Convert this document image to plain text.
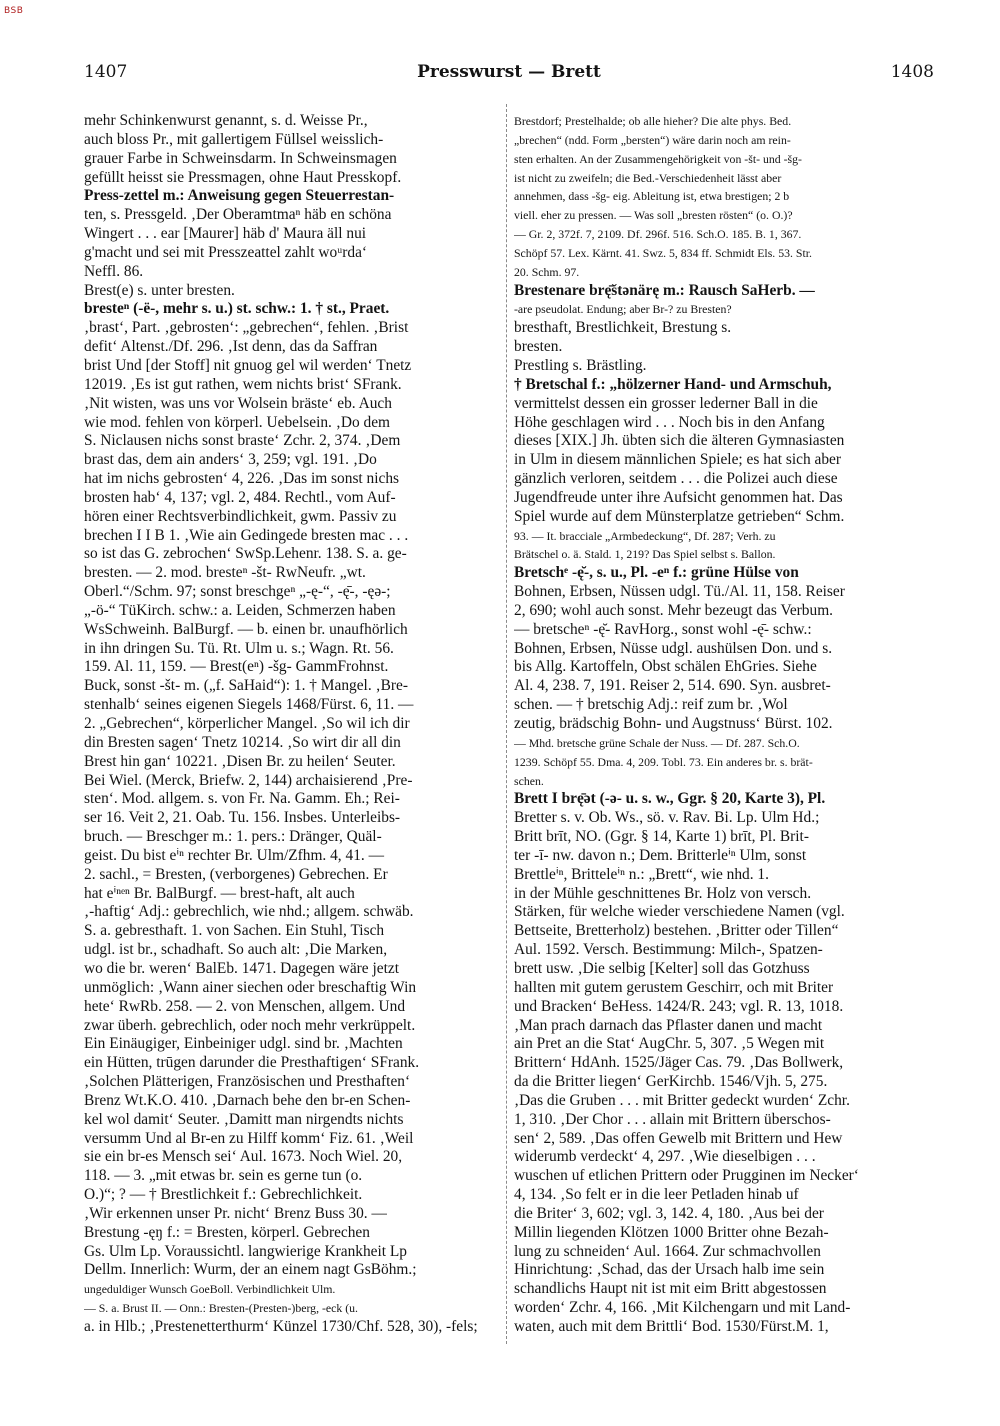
BSB
1407	Presswurst — Brett	1408
mehr Schinkenwurst genannt, s. d. Weisse Pr.,
auch bloss Pr., mit gallertigem Füllsel weisslich-
grauer Farbe in Schweinsdarm. In Schweinsmagen
gefüllt heisst sie Pressmagen, ohne Haut Presskopf.
Press-zettel m.: Anweisung gegen Steuerrestan-
ten, s. Pressgeld. ‚Der Oberamtmaⁿ häb en schöna
Wingert . . . ear [Maurer] häb d' Maura äll nui
g'macht und sei mit Presszeattel zahlt woᵘrda‘
Neffl. 86.
Brest(e) s. unter bresten.
bresteⁿ (-ë-, mehr s. u.) st. schw.: 1. † st., Praet.
‚brast‘, Part. ‚gebrosten‘: „gebrechen“, fehlen. ‚Brist
defit‘ Altenst./Df. 296. ‚Ist denn, das da Saffran
brist Und [der Stoff] nit gnuog gel wil werden‘ Tnetz
12019. ‚Es ist gut rathen, wem nichts brist‘ SFrank.
‚Nit wisten, was uns vor Wolsein bräste‘ eb. Auch
wie mod. fehlen von körperl. Uebelsein. ‚Do dem
S. Niclausen nichs sonst braste‘ Zchr. 2, 374. ‚Dem
brast das, dem ain anders‘ 3, 259; vgl. 191. ‚Do
hat im nichs gebrosten‘ 4, 226. ‚Das im sonst nichs
brosten hab‘ 4, 137; vgl. 2, 484. Rechtl., vom Auf-
hören einer Rechtsverbindlichkeit, gwm. Passiv zu
brechen I I B 1. ‚Wie ain Gedingede bresten mac . . .
so ist das G. zebrochen‘ SwSp.Lehenr. 138. S. a. ge-
bresten. — 2. mod. bresteⁿ -št- RwNeufr. „wt.
Oberl.“/Schm. 97; sonst breschgeⁿ „-ę-“, -ę̄-, -ęə-;
„-ö-“ TüKirch. schw.: a. Leiden, Schmerzen haben
WsSchweinh. BalBurgf. — b. einen br. unaufhörlich
in ihn dringen Su. Tü. Rt. Ulm u. s.; Wagn. Rt. 56.
159. Al. 11, 159. — Brest(eⁿ) -šg- GammFrohnst.
Buck, sonst -št- m. („f. SaHaid“): 1. † Mangel. ‚Bre-
stenhalb‘ seines eigenen Siegels 1468/Fürst. 6, 11. —
2. „Gebrechen“, körperlicher Mangel. ‚So wil ich dir
din Bresten sagen‘ Tnetz 10214. ‚So wirt dir all din
Brest hin gan‘ 10221. ‚Disen Br. zu heilen‘ Seuter.
Bei Wiel. (Merck, Briefw. 2, 144) archaisierend ‚Pre-
sten‘. Mod. allgem. s. von Fr. Na. Gamm. Eh.; Rei-
ser 16. Veit 2, 21. Oab. Tu. 156. Insbes. Unterleibs-
bruch. — Breschger m.: 1. pers.: Dränger, Quäl-
geist. Du bist eⁱⁿ rechter Br. Ulm/Zfhm. 4, 41. —
2. sachl., = Bresten, (verborgenes) Gebrechen. Er
hat eⁱⁿᵉⁿ Br. BalBurgf. — brest-haft, alt auch
‚-haftig‘ Adj.: gebrechlich, wie nhd.; allgem. schwäb.
S. a. gebresthaft. 1. von Sachen. Ein Stuhl, Tisch
udgl. ist br., schadhaft. So auch alt: ‚Die Marken,
wo die br. weren‘ BalEb. 1471. Dagegen wäre jetzt
unmöglich: ‚Wann ainer siechen oder breschaftig Win
hete‘ RwRb. 258. — 2. von Menschen, allgem. Und
zwar überh. gebrechlich, oder noch mehr verkrüppelt.
Ein Einäugiger, Einbeiniger udgl. sind br. ‚Machten
ein Hütten, trūgen darunder die Presthaftigen‘ SFrank.
‚Solchen Plätterigen, Französischen und Presthaften‘
Brenz Wt.K.O. 410. ‚Darnach behe den br-en Schen-
kel wol damit‘ Seuter. ‚Damitt man nirgendts nichts
versumm Und al Br-en zu Hilff komm‘ Fiz. 61. ‚Weil
sie ein br-es Mensch sei‘ Aul. 1673. Noch Wiel. 20,
118. — 3. „mit etwas br. sein es gerne tun (o.
O.)“; ? — † Brestlichkeit f.: Gebrechlichkeit.
‚Wir erkennen unser Pr. nicht‘ Brenz Buss 30. —
Brestung -ęŋ f.: = Bresten, körperl. Gebrechen
Gs. Ulm Lp. Voraussichtl. langwierige Krankheit Lp
Dellm. Innerlich: Wurm, der an einem nagt GsBöhm.;
ungeduldiger Wunsch GoeBoll. Verbindlichkeit Ulm.
— S. a. Brust II. — Onn.: Bresten-(Presten-)berg, -eck (u.
a. in Hlb.; ‚Prestenetterthurm‘ Künzel 1730/Chf. 528, 30), -fels;
Brestdorf; Prestelhalde; ob alle hieher? Die alte phys. Bed.
„brechen“ (ndd. Form „bersten“) wäre darin noch am rein-
sten erhalten. An der Zusammengehörigkeit von -št- und -šg-
ist nicht zu zweifeln; die Bed.-Verschiedenheit lässt aber
annehmen, dass -šg- eig. Ableitung ist, etwa brestigen; 2 b
viell. eher zu pressen. — Was soll „bresten rösten“ (o. O.)?
— Gr. 2, 372f. 7, 2109. Df. 296f. 516. Sch.O. 185. B. 1, 367.
Schöpf 57. Lex. Kärnt. 41. Swz. 5, 834 ff. Schmidt Els. 53. Str.
20. Schm. 97.
Brestenare brę̄štənärę m.: Rausch SaHerb. —
-are pseudolat. Endung; aber Br-? zu Bresten?
bresthaft, Brestlichkeit, Brestung s.
bresten.
Prestling s. Brästling.
† Bretschal f.: „hölzerner Hand- und Armschuh,
vermittelst dessen ein grosser lederner Ball in die
Höhe geschlagen wird . . . Noch bis in den Anfang
dieses [XIX.] Jh. übten sich die älteren Gymnasiasten
in Ulm in diesem männlichen Spiele; es hat sich aber
gänzlich verloren, seitdem . . . die Polizei auch diese
Jugendfreude unter ihre Aufsicht genommen hat. Das
Spiel wurde auf dem Münsterplatze getrieben“ Schm.
93. — It. bracciale „Armbedeckung“, Df. 287; Verh. zu
Brätschel o. ä. Stald. 1, 219? Das Spiel selbst s. Ballon.
Bretschᵉ -ę̆-, s. u., Pl. -eⁿ f.: grüne Hülse von
Bohnen, Erbsen, Nüssen udgl. Tü./Al. 11, 158. Reiser
2, 690; wohl auch sonst. Mehr bezeugt das Verbum.
— bretscheⁿ -ę̆- RavHorg., sonst wohl -ę̄- schw.:
Bohnen, Erbsen, Nüsse udgl. aushülsen Don. und s.
bis Allg. Kartoffeln, Obst schälen EhGries. Siehe
Al. 4, 238. 7, 191. Reiser 2, 514. 690. Syn. ausbret-
schen. — † bretschig Adj.: reif zum br. ‚Wol
zeutig, brädschig Bohn- und Augstnuss‘ Bürst. 102.
— Mhd. bretsche grüne Schale der Nuss. — Df. 287. Sch.O.
1239. Schöpf 55. Dma. 4, 209. Tobl. 73. Ein anderes br. s. brät-
schen.
Brett I brę̄ət (-ə- u. s. w., Ggr. § 20, Karte 3), Pl.
Bretter s. v. Ob. Ws., sö. v. Rav. Bi. Lp. Ulm Hd.;
Britt brīt, NO. (Ggr. § 14, Karte 1) brīt, Pl. Brit-
ter -ī- nw. davon n.; Dem. Britterleⁱⁿ Ulm, sonst
Brettleⁱⁿ, Britteleⁱⁿ n.: „Brett“, wie nhd. 1.
in der Mühle geschnittenes Br. Holz von versch.
Stärken, für welche wieder verschiedene Namen (vgl.
Bettseite, Bretterholz) bestehen. ‚Britter oder Tillen“
Aul. 1592. Versch. Bestimmung: Milch-, Spatzen-
brett usw. ‚Die selbig [Kelter] soll das Gotzhuss
hallten mit gutem gerustem Geschirr, och mit Briter
und Bracken‘ BeHess. 1424/R. 243; vgl. R. 13, 1018.
‚Man prach darnach das Pflaster danen und macht
ain Pret an die Stat‘ AugChr. 5, 307. ‚5 Wegen mit
Brittern‘ HdAnh. 1525/Jäger Cas. 79. ‚Das Bollwerk,
da die Britter liegen‘ GerKirchb. 1546/Vjh. 5, 275.
‚Das die Gruben . . . mit Britter gedeckt wurden‘ Zchr.
1, 310. ‚Der Chor . . . allain mit Brittern überschos-
sen‘ 2, 589. ‚Das offen Gewelb mit Brittern und Hew
widerumb verdeckt‘ 4, 297. ‚Wie dieselbigen . . .
wuschen uf etlichen Prittern oder Prugginen im Necker‘
4, 134. ‚So felt er in die leer Petladen hinab uf
die Briter‘ 3, 602; vgl. 3, 142. 4, 180. ‚Aus bei der
Millin liegenden Klötzen 1000 Britter ohne Bezah-
lung zu schneiden‘ Aul. 1664. Zur schmachvollen
Hinrichtung: ‚Schad, das der Ursach halb ime sein
schandlichs Haupt nit ist mit eim Britt abgestossen
worden‘ Zchr. 4, 166. ‚Mit Kilchengarn und mit Land-
waten, auch mit dem Brittli‘ Bod. 1530/Fürst.M. 1,
